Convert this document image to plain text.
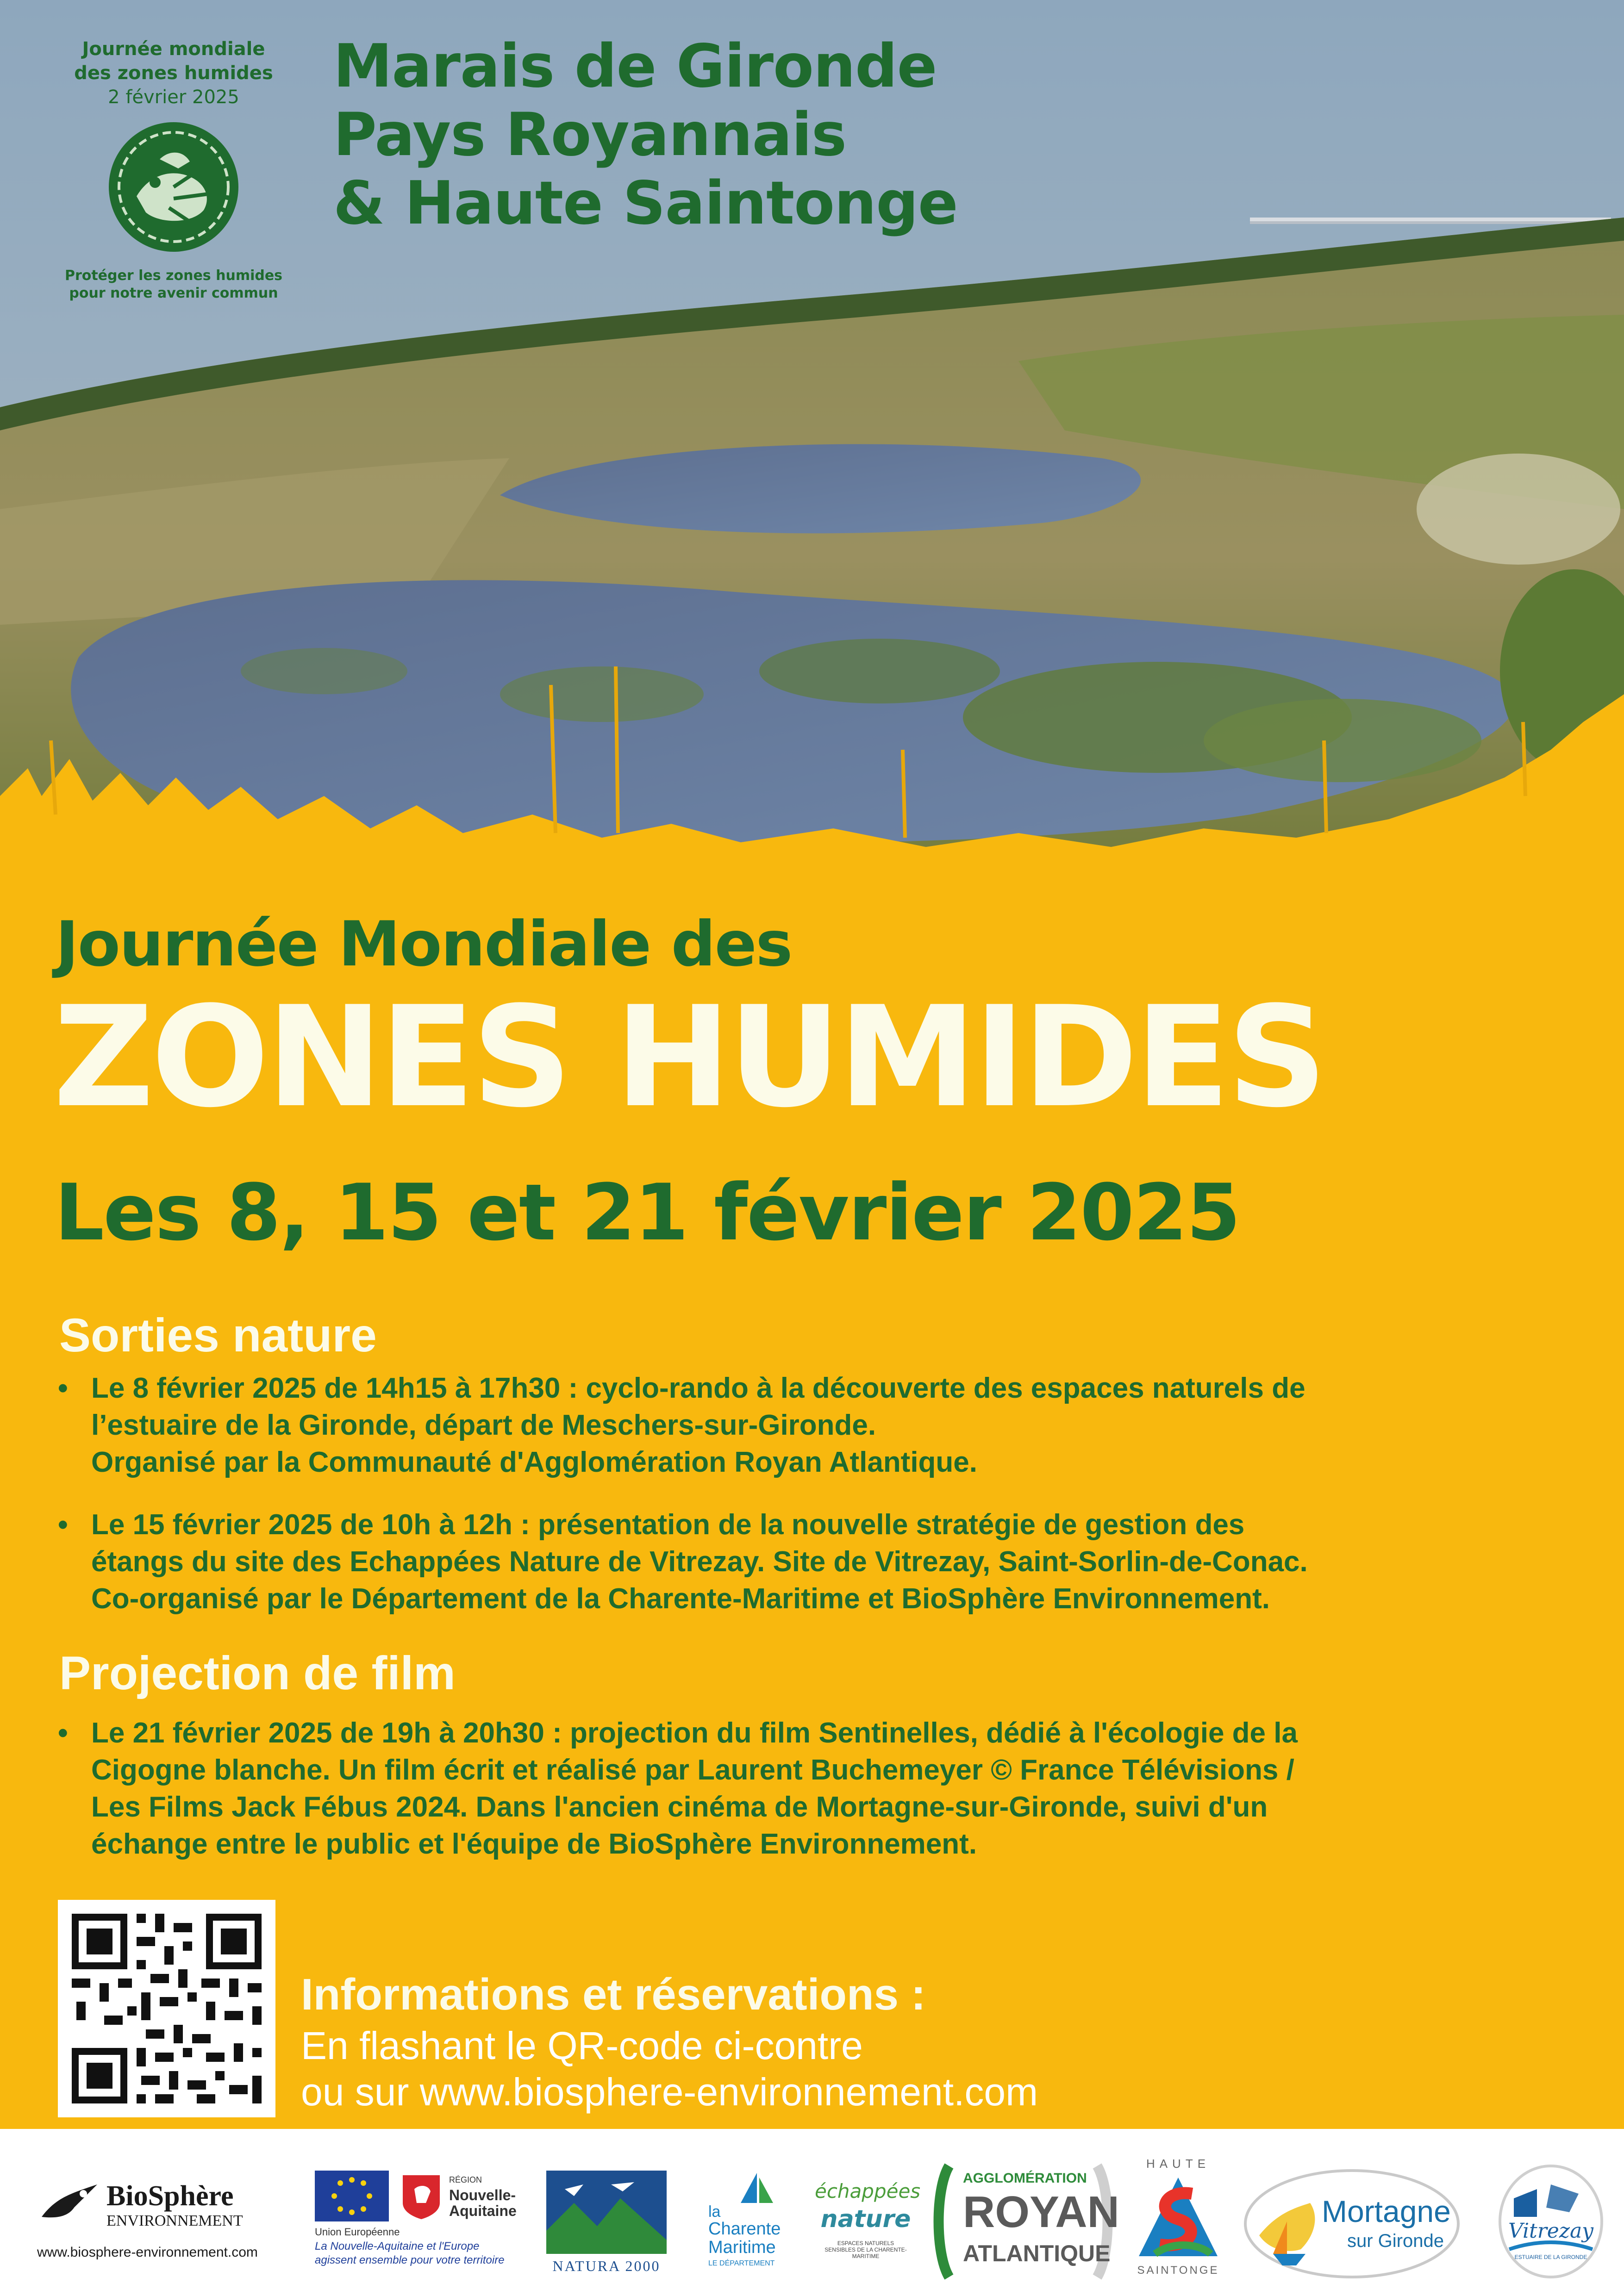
Journée mondiale
des zones humides
2 février 2025
Protéger les zones humides
pour notre avenir commun
Marais de Gironde
Pays Royannais
& Haute Saintonge
Journée Mondiale des
ZONES HUMIDES
Les 8, 15 et 21 février 2025
Sorties nature
• Le 8 février 2025 de 14h15 à 17h30 : cyclo-rando à la découverte des espaces naturels de
l’estuaire de la Gironde, départ de Meschers-sur-Gironde.
Organisé par la Communauté d'Agglomération Royan Atlantique.
• Le 15 février 2025 de 10h à 12h : présentation de la nouvelle stratégie de gestion des
étangs du site des Echappées Nature de Vitrezay. Site de Vitrezay, Saint-Sorlin-de-Conac.
Co-organisé par le Département de la Charente-Maritime et BioSphère Environnement.
Projection de film
• Le 21 février 2025 de 19h à 20h30 : projection du film Sentinelles, dédié à l'écologie de la
Cigogne blanche. Un film écrit et réalisé par Laurent Buchemeyer © France Télévisions /
Les Films Jack Fébus 2024. Dans l'ancien cinéma de Mortagne-sur-Gironde, suivi d'un
échange entre le public et l'équipe de BioSphère Environnement.
Informations et réservations :
En flashant le QR-code ci-contre
ou sur www.biosphere-environnement.com
BioSphère
ENVIRONNEMENT
www.biosphere-environnement.com
RÉGION
Nouvelle-Aquitaine
Union Européenne
La Nouvelle-Aquitaine et l'Europe
agissent ensemble pour votre territoire	NATURA 2000
la
Charente
Maritime
LE DÉPARTEMENT
échappées
nature
ESPACES NATURELS SENSIBLES DE LA CHARENTE-MARITIME
AGGLOMÉRATION
ROYAN
ATLANTIQUE
HAUTE
SAINTONGE
Mortagne
sur Gironde	Vitrezay
ESTUAIRE DE LA GIRONDE
